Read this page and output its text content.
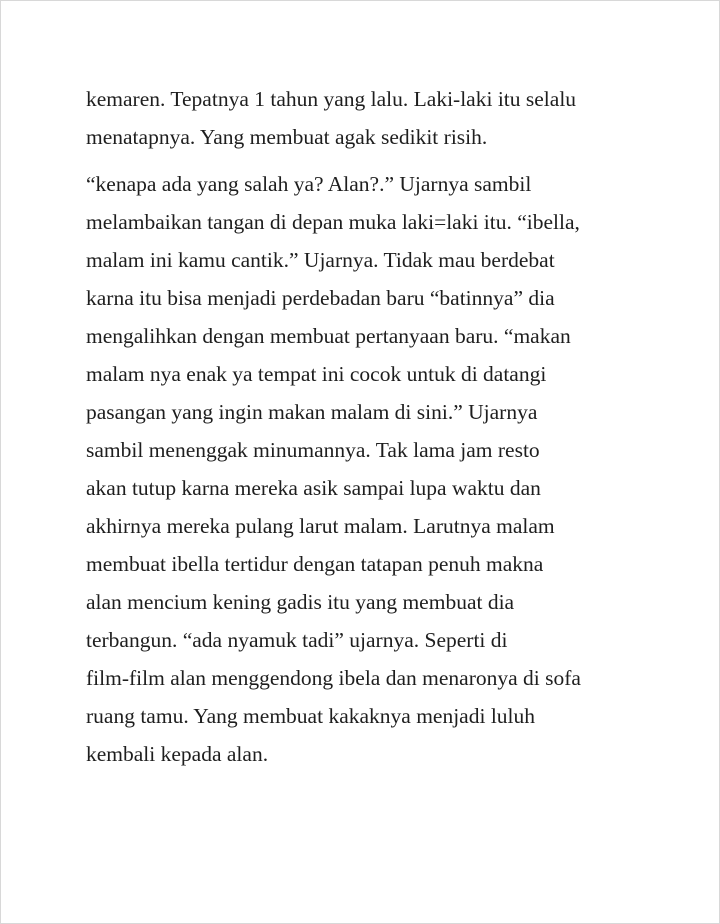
kemaren. Tepatnya 1 tahun yang lalu. Laki-laki itu selalu
menatapnya. Yang membuat agak sedikit risih.

“kenapa ada yang salah ya? Alan?.” Ujarnya sambil
melambaikan tangan di depan muka laki=laki itu. “ibella,
malam ini kamu cantik.” Ujarnya. Tidak mau berdebat
karna itu bisa menjadi perdebadan baru “batinnya” dia
mengalihkan dengan membuat pertanyaan baru. “makan
malam nya enak ya tempat ini cocok untuk di datangi
pasangan yang ingin makan malam di sini.” Ujarnya
sambil menenggak minumannya. Tak lama jam resto
akan tutup karna mereka asik sampai lupa waktu dan
akhirnya mereka pulang larut malam. Larutnya malam
membuat ibella tertidur dengan tatapan penuh makna
alan mencium kening gadis itu yang membuat dia
terbangun. “ada nyamuk tadi” ujarnya. Seperti di
film-film alan menggendong ibela dan menaronya di sofa
ruang tamu. Yang membuat kakaknya menjadi luluh
kembali kepada alan.
